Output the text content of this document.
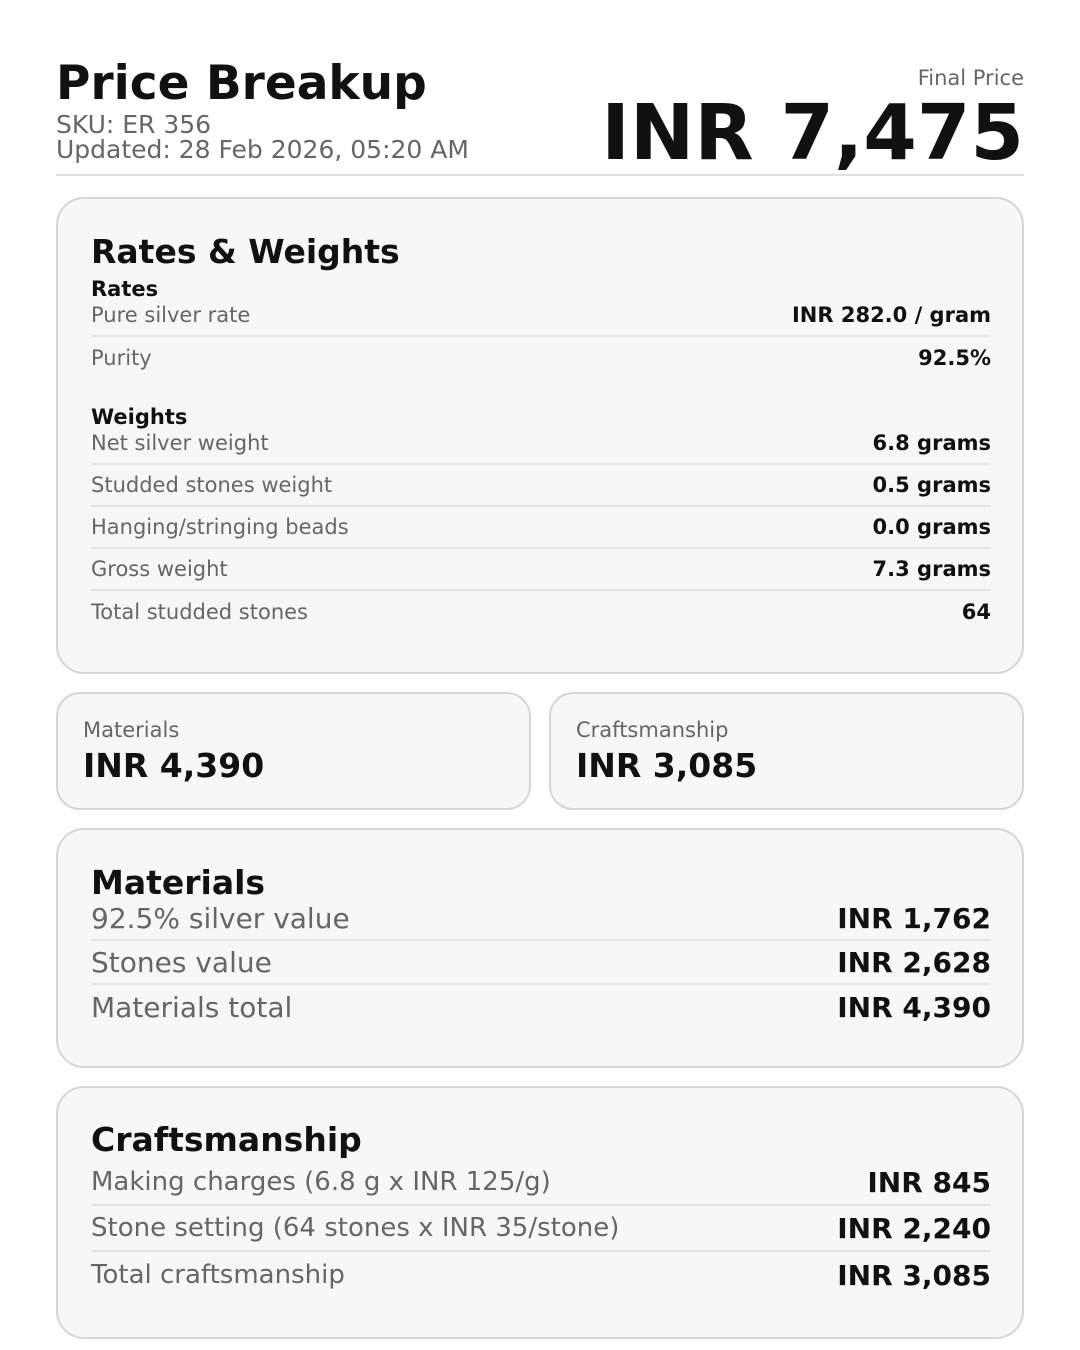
Price Breakup
SKU: ER 356
Updated: 28 Feb 2026, 05:20 AM
Final Price
INR 7,475
Rates & Weights
Rates
Pure silver rate	INR 282.0 / gram
Purity	92.5%
Weights
Net silver weight	6.8 grams
Studded stones weight	0.5 grams
Hanging/stringing beads	0.0 grams
Gross weight	7.3 grams
Total studded stones	64
Materials
INR 4,390
Craftsmanship
INR 3,085
Materials
92.5% silver value	INR 1,762
Stones value	INR 2,628
Materials total	INR 4,390
Craftsmanship
Making charges (6.8 g x INR 125/g)	INR 845
Stone setting (64 stones x INR 35/stone)	INR 2,240
Total craftsmanship	INR 3,085
